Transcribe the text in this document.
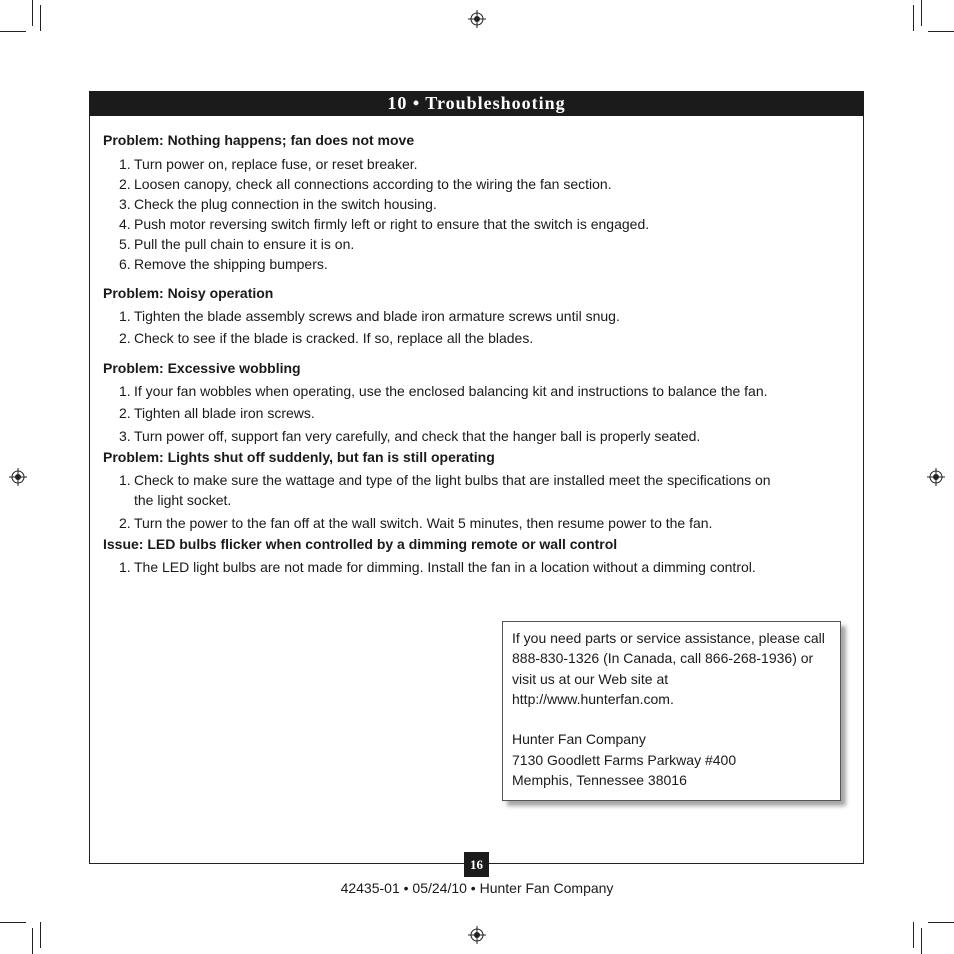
10 • Troubleshooting
Problem: Nothing happens; fan does not move
1. Turn power on, replace fuse, or reset breaker.
2. Loosen canopy, check all connections according to the wiring the fan section.
3. Check the plug connection in the switch housing.
4. Push motor reversing switch firmly left or right to ensure that the switch is engaged.
5. Pull the pull chain to ensure it is on.
6. Remove the shipping bumpers.
Problem: Noisy operation
1. Tighten the blade assembly screws and blade iron armature screws until snug.
2. Check to see if the blade is cracked. If so, replace all the blades.
Problem: Excessive wobbling
1. If your fan wobbles when operating, use the enclosed balancing kit and instructions to balance the fan.
2. Tighten all blade iron screws.
3. Turn power off, support fan very carefully, and check that the hanger ball is properly seated.
Problem: Lights shut off suddenly, but fan is still operating
1. Check to make sure the wattage and type of the light bulbs that are installed meet the specifications on
the light socket.
2. Turn the power to the fan off at the wall switch. Wait 5 minutes, then resume power to the fan.
Issue: LED bulbs flicker when controlled by a dimming remote or wall control
1. The LED light bulbs are not made for dimming. Install the fan in a location without a dimming control.
If you need parts or service assistance, please call
888-830-1326 (In Canada, call 866-268-1936) or
visit us at our Web site at
http://www.hunterfan.com.
Hunter Fan Company
7130 Goodlett Farms Parkway #400
Memphis, Tennessee 38016
16
42435-01 • 05/24/10 • Hunter Fan Company
